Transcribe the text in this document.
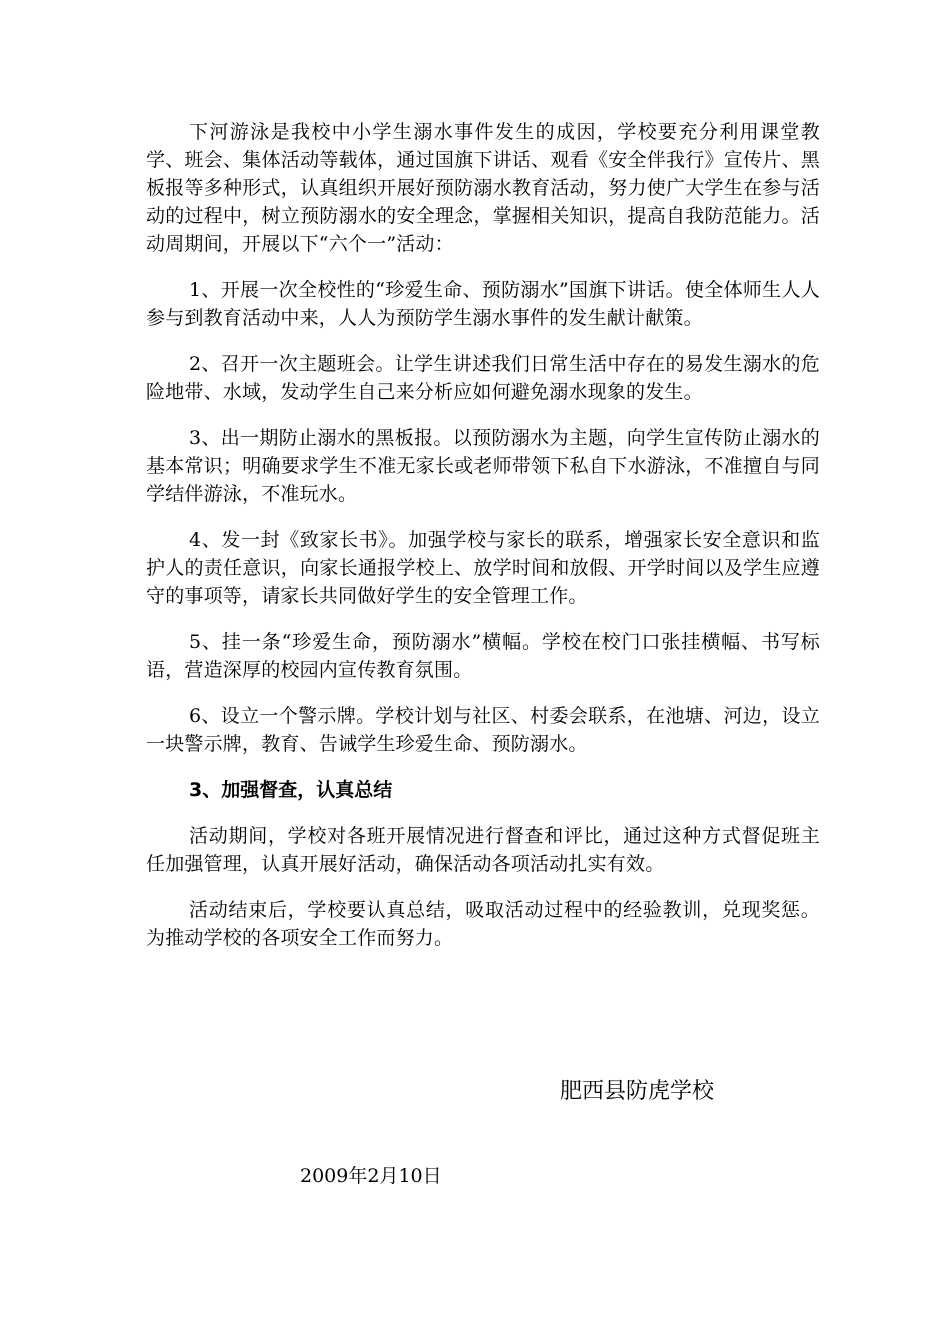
下河游泳是我校中小学生溺水事件发生的成因，学校要充分利用课堂教学、班会、集体活动等载体，通过国旗下讲话、观看《安全伴我行》宣传片、黑板报等多种形式，认真组织开展好预防溺水教育活动，努力使广大学生在参与活动的过程中，树立预防溺水的安全理念，掌握相关知识，提高自我防范能力。活动周期间，开展以下“六个一”活动：

1、开展一次全校性的“珍爱生命、预防溺水”国旗下讲话。使全体师生人人参与到教育活动中来，人人为预防学生溺水事件的发生献计献策。

2、召开一次主题班会。让学生讲述我们日常生活中存在的易发生溺水的危险地带、水域，发动学生自己来分析应如何避免溺水现象的发生。

3、出一期防止溺水的黑板报。以预防溺水为主题，向学生宣传防止溺水的基本常识；明确要求学生不准无家长或老师带领下私自下水游泳，不准擅自与同学结伴游泳，不准玩水。

4、发一封《致家长书》。加强学校与家长的联系，增强家长安全意识和监护人的责任意识，向家长通报学校上、放学时间和放假、开学时间以及学生应遵守的事项等，请家长共同做好学生的安全管理工作。

5、挂一条“珍爱生命，预防溺水”横幅。学校在校门口张挂横幅、书写标语，营造深厚的校园内宣传教育氛围。

6、设立一个警示牌。学校计划与社区、村委会联系，在池塘、河边，设立一块警示牌，教育、告诫学生珍爱生命、预防溺水。

3、加强督查，认真总结

活动期间，学校对各班开展情况进行督查和评比，通过这种方式督促班主任加强管理，认真开展好活动，确保活动各项活动扎实有效。

活动结束后，学校要认真总结，吸取活动过程中的经验教训，兑现奖惩。为推动学校的各项安全工作而努力。

肥西县防虎学校
2009年2月10日
